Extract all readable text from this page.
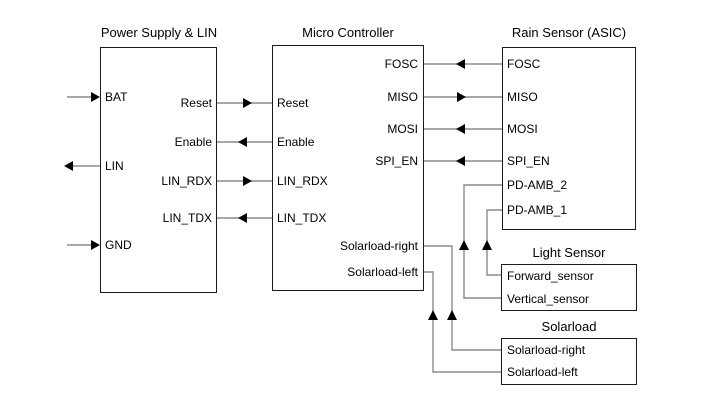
Power Supply & LIN	Micro Controller	Rain Sensor (ASIC)
Light Sensor
Solarload
BAT
LIN
GND
Reset
Enable
LIN_RDX
LIN_TDX
Reset
Enable
LIN_RDX
LIN_TDX
FOSC
MISO
MOSI
SPI_EN
Solarload-right
Solarload-left
FOSC
MISO
MOSI
SPI_EN
PD-AMB_2
PD-AMB_1
Forward_sensor
Vertical_sensor
Solarload-right
Solarload-left
